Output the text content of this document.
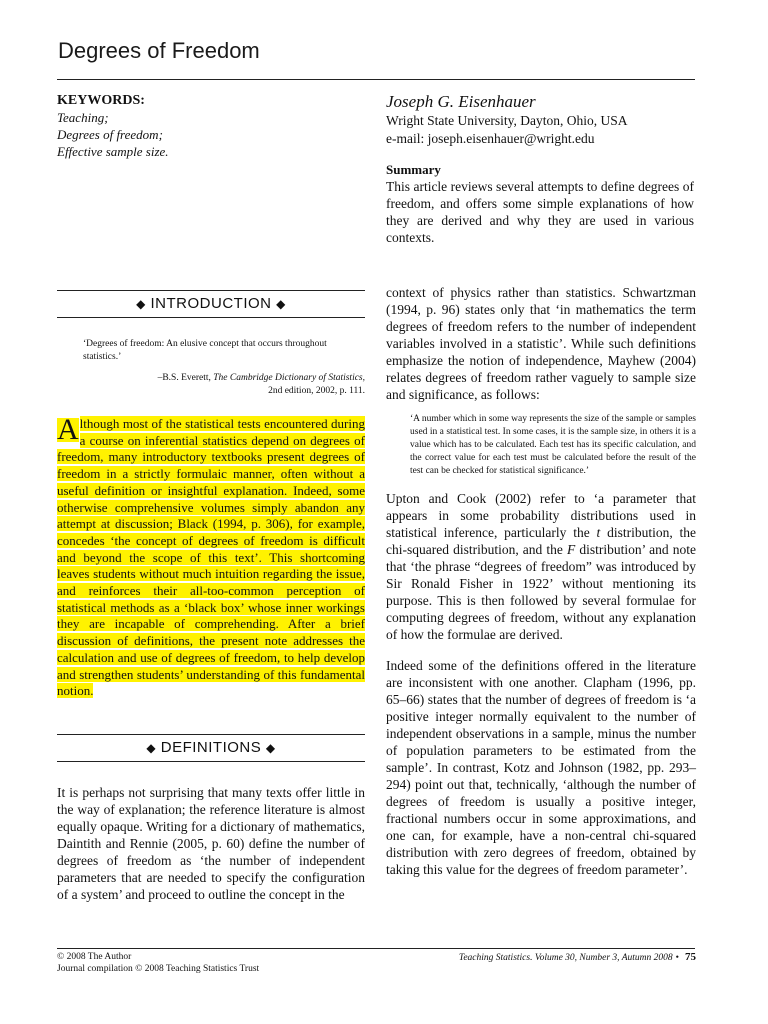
Degrees of Freedom
KEYWORDS:
Teaching;
Degrees of freedom;
Effective sample size.
Joseph G. Eisenhauer
Wright State University, Dayton, Ohio, USA
e-mail: joseph.eisenhauer@wright.edu
Summary
This article reviews several attempts to define degrees of freedom, and offers some simple explanations of how they are derived and why they are used in various contexts.
◆ INTRODUCTION ◆
‘Degrees of freedom: An elusive concept that occurs throughout statistics.’
–B.S. Everett, The Cambridge Dictionary of Statistics,
2nd edition, 2002, p. 111.
A lthough most of the statistical tests encountered during a course on inferential statistics depend on degrees of freedom, many introductory textbooks present degrees of freedom in a strictly formulaic manner, often without a useful definition or insightful explanation. Indeed, some otherwise comprehensive volumes simply abandon any attempt at discussion; Black (1994, p. 306), for example, concedes ‘the concept of degrees of freedom is difficult and beyond the scope of this text’. This shortcoming leaves students without much intuition regarding the issue, and reinforces their all-too-common perception of statistical methods as a ‘black box’ whose inner workings they are incapable of comprehending. After a brief discussion of definitions, the present note addresses the calculation and use of degrees of freedom, to help develop and strengthen students’ understanding of this fundamental notion.
◆ DEFINITIONS ◆

It is perhaps not surprising that many texts offer little in the way of explanation; the reference literature is almost equally opaque. Writing for a dictionary of mathematics, Daintith and Rennie (2005, p. 60) define the number of degrees of freedom as ‘the number of independent parameters that are needed to specify the configuration of a system’ and proceed to outline the concept in the

context of physics rather than statistics. Schwartzman (1994, p. 96) states only that ‘in mathematics the term degrees of freedom refers to the number of independent variables involved in a statistic’. While such definitions emphasize the notion of independence, Mayhew (2004) relates degrees of freedom rather vaguely to sample size and significance, as follows:

‘A number which in some way represents the size of the sample or samples used in a statistical test. In some cases, it is the sample size, in others it is a value which has to be calculated. Each test has its specific calculation, and the correct value for each test must be calculated before the result of the test can be checked for statistical significance.’

Upton and Cook (2002) refer to ‘a parameter that appears in some probability distributions used in statistical inference, particularly the t distribution, the chi-squared distribution, and the F distribution’ and note that ‘the phrase “degrees of freedom” was introduced by Sir Ronald Fisher in 1922’ without mentioning its purpose. This is then followed by several formulae for computing degrees of freedom, without any explanation of how the formulae are derived.

Indeed some of the definitions offered in the literature are inconsistent with one another. Clapham (1996, pp. 65–66) states that the number of degrees of freedom is ‘a positive integer normally equivalent to the number of independent observations in a sample, minus the number of population parameters to be estimated from the sample’. In contrast, Kotz and Johnson (1982, pp. 293–294) point out that, technically, ‘although the number of degrees of freedom is usually a positive integer, fractional numbers occur in some approximations, and one can, for example, have a non-central chi-squared distribution with zero degrees of freedom, obtained by taking this value for the degrees of freedom parameter’.

© 2008 The Author
Journal compilation © 2008 Teaching Statistics Trust
Teaching Statistics. Volume 30, Number 3, Autumn 2008 • 75
